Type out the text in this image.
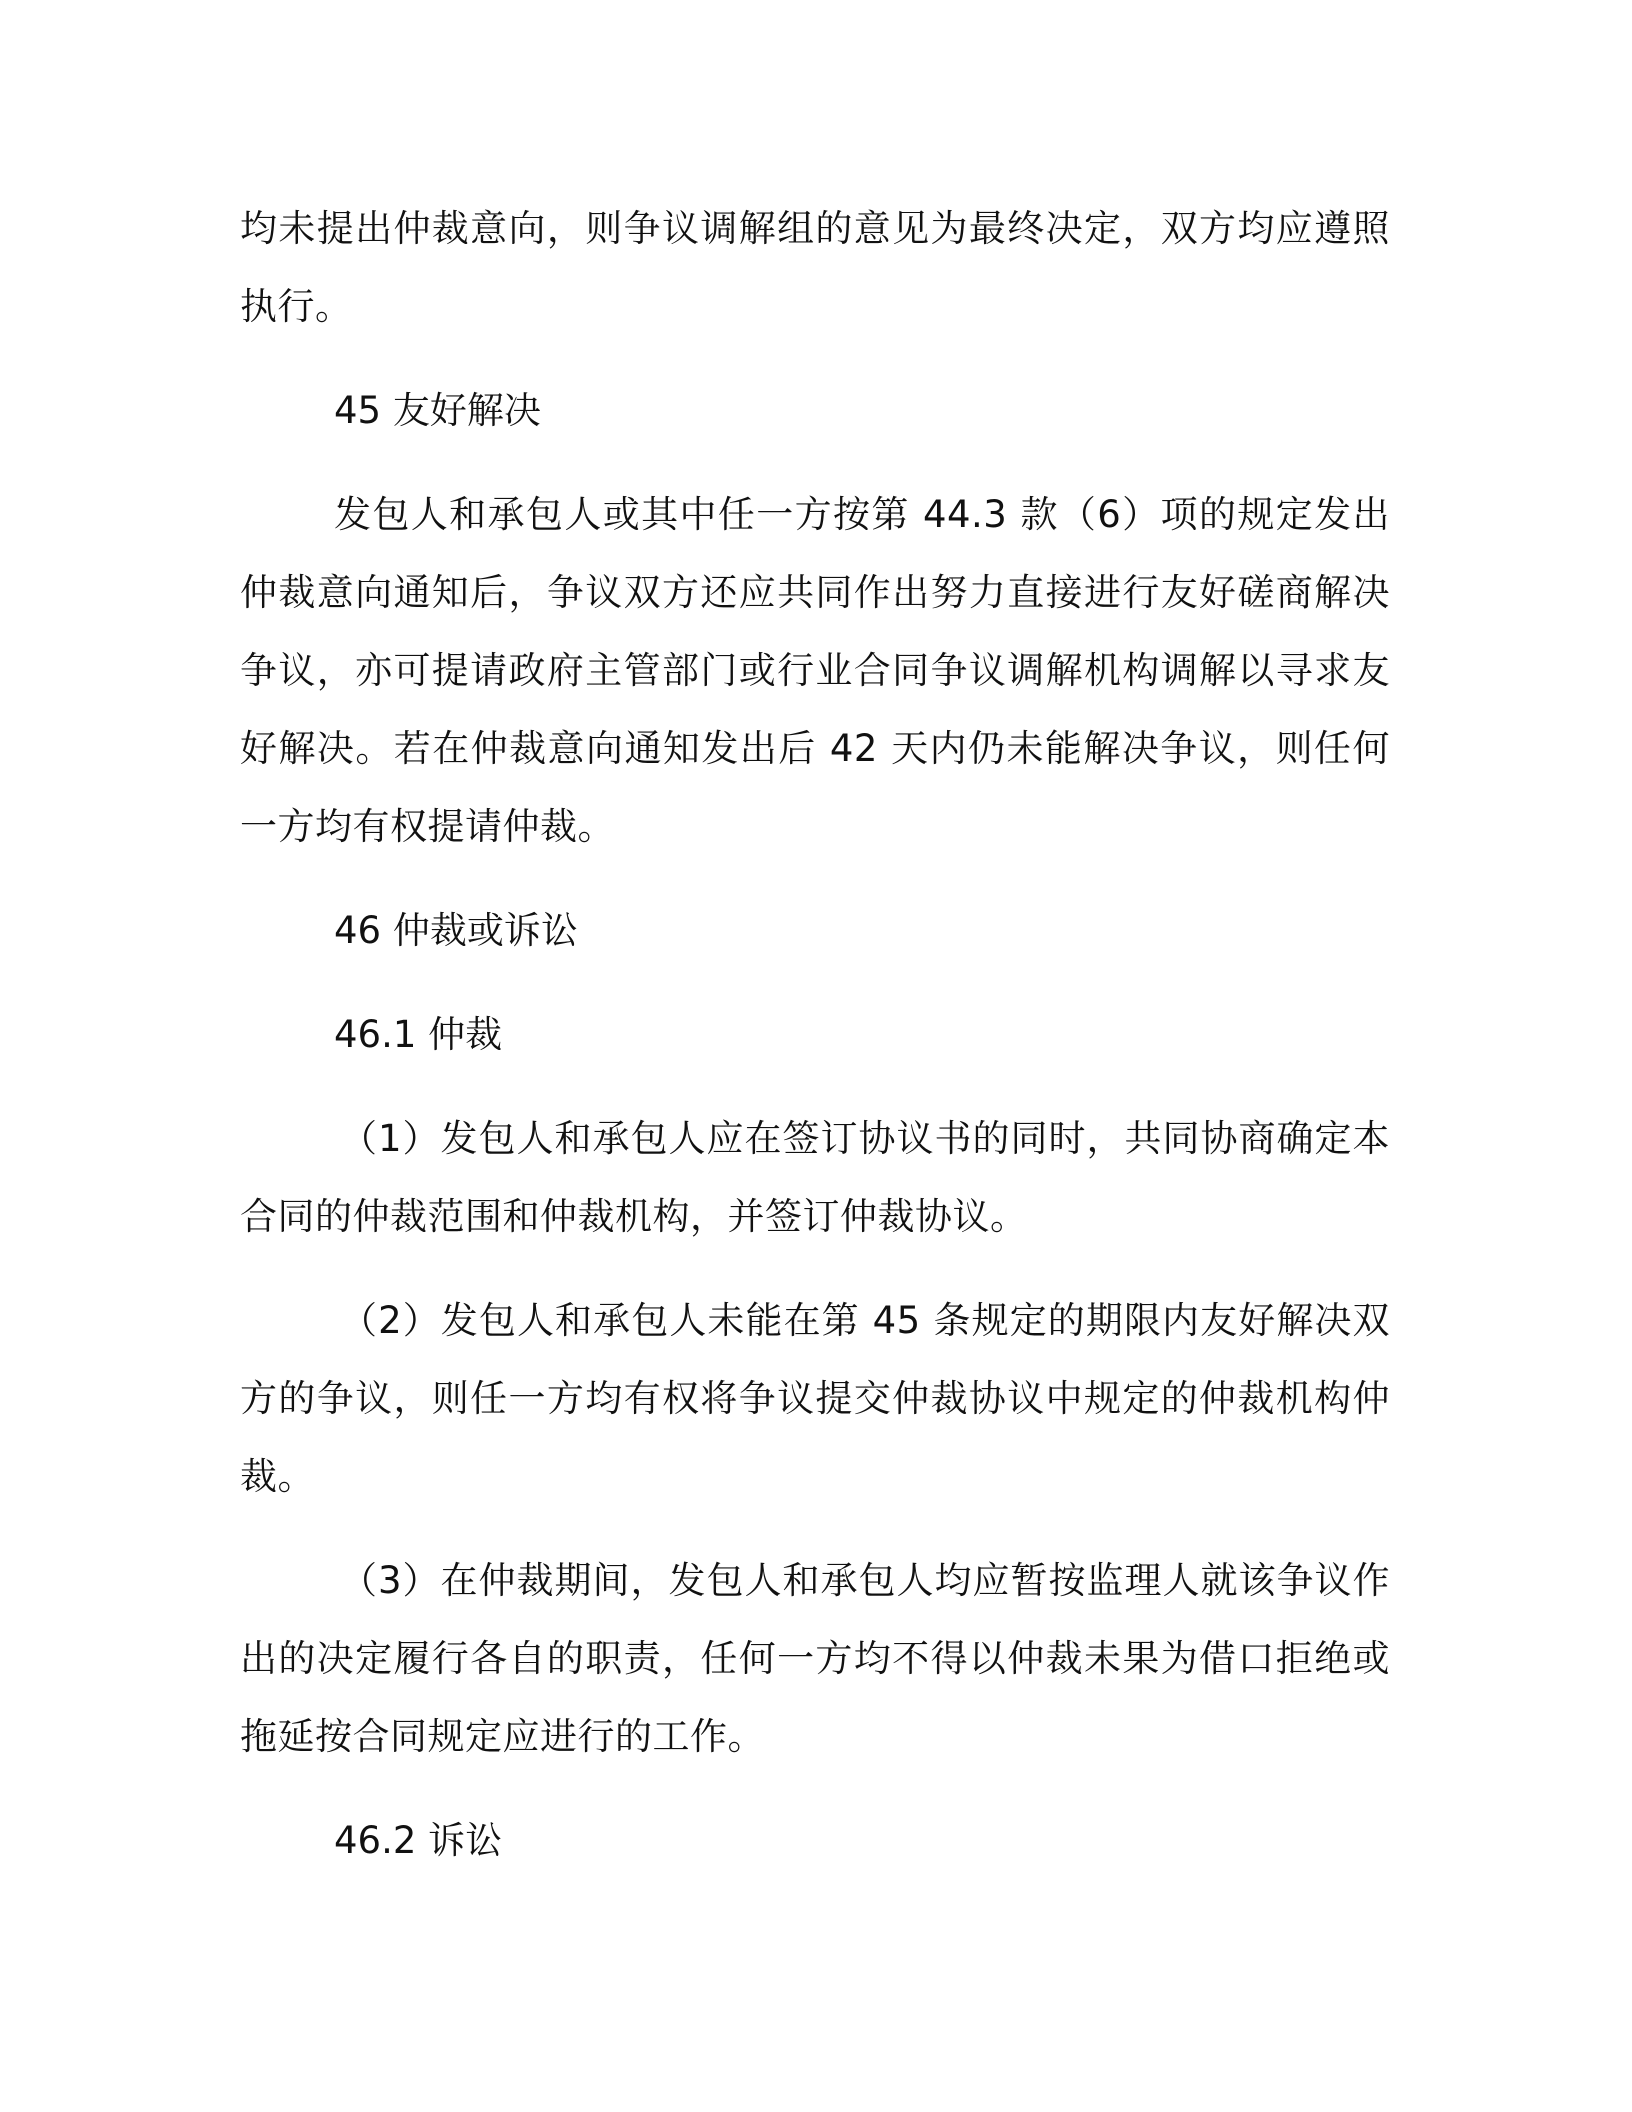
均未提出仲裁意向，则争议调解组的意见为最终决定，双方均应遵照执行。

45 友好解决

发包人和承包人或其中任一方按第 44.3 款（6）项的规定发出仲裁意向通知后，争议双方还应共同作出努力直接进行友好磋商解决争议，亦可提请政府主管部门或行业合同争议调解机构调解以寻求友好解决。若在仲裁意向通知发出后 42 天内仍未能解决争议，则任何一方均有权提请仲裁。

46 仲裁或诉讼

46.1 仲裁

（1）发包人和承包人应在签订协议书的同时，共同协商确定本合同的仲裁范围和仲裁机构，并签订仲裁协议。

（2）发包人和承包人未能在第 45 条规定的期限内友好解决双方的争议，则任一方均有权将争议提交仲裁协议中规定的仲裁机构仲裁。

（3）在仲裁期间，发包人和承包人均应暂按监理人就该争议作出的决定履行各自的职责，任何一方均不得以仲裁未果为借口拒绝或拖延按合同规定应进行的工作。

46.2 诉讼
